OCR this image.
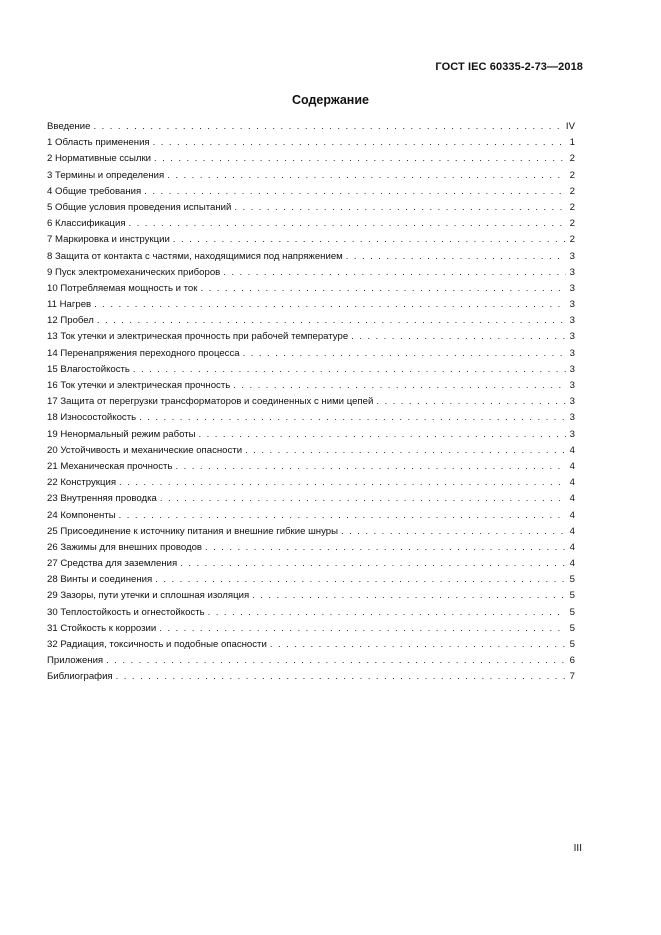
ГОСТ IEC 60335-2-73—2018
Содержание
Введение . . .	IV
1 Область применения . . .	1
2 Нормативные ссылки . . .	2
3 Термины и определения . . .	2
4 Общие требования . . .	2
5 Общие условия проведения испытаний . . .	2
6 Классификация . . .	2
7 Маркировка и инструкции . . .	2
8 Защита от контакта с частями, находящимися под напряжением . . .	3
9 Пуск электромеханических приборов . . .	3
10 Потребляемая мощность и ток . . .	3
11 Нагрев . . .	3
12 Пробел . . .	3
13 Ток утечки и электрическая прочность при рабочей температуре . . .	3
14 Перенапряжения переходного процесса . . .	3
15 Влагостойкость . . .	3
16 Ток утечки и электрическая прочность . . .	3
17 Защита от перегрузки трансформаторов и соединенных с ними цепей . . .	3
18 Износостойкость . . .	3
19 Ненормальный режим работы . . .	3
20 Устойчивость и механические опасности . . .	4
21 Механическая прочность . . .	4
22 Конструкция . . .	4
23 Внутренняя проводка . . .	4
24 Компоненты . . .	4
25 Присоединение к источнику питания и внешние гибкие шнуры . . .	4
26 Зажимы для внешних проводов . . .	4
27 Средства для заземления . . .	4
28 Винты и соединения . . .	5
29 Зазоры, пути утечки и сплошная изоляция . . .	5
30 Теплостойкость и огнестойкость . . .	5
31 Стойкость к коррозии . . .	5
32 Радиация, токсичность и подобные опасности . . .	5
Приложения . . .	6
Библиография . . .	7
III
